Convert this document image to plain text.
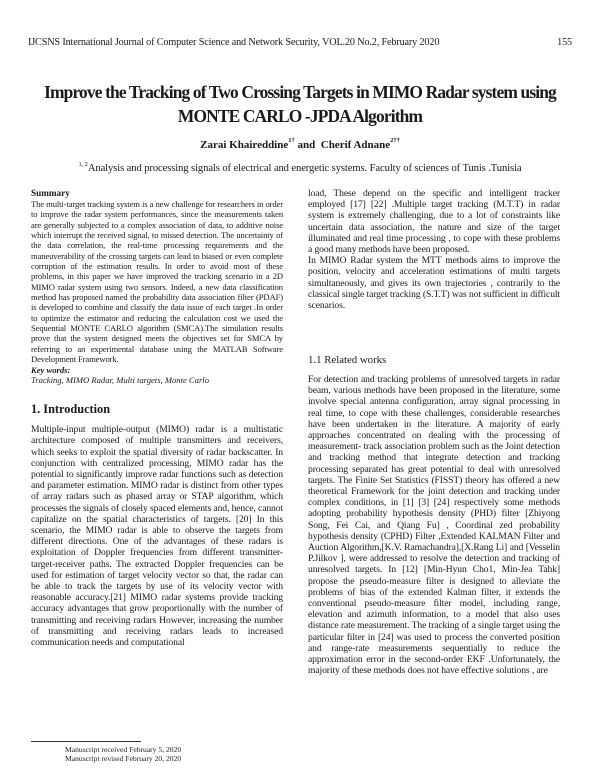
IJCSNS International Journal of Computer Science and Network Security, VOL.20 No.2, February 2020	155
Improve the Tracking of Two Crossing Targets in MIMO Radar system using MONTE CARLO -JPDA Algorithm
Zarai Khaireddine$^{1\dagger}$ and Cherif Adnane$^{2\dagger\dagger}$
$^{1, 2}$Analysis and processing signals of electrical and energetic systems. Faculty of sciences of Tunis .Tunisia
Summary

The multi-target tracking system is a new challenge for researchers in order to improve the radar system performances, since the measurements taken are generally subjected to a complex association of data, to additive noise which interrupt the received signal, to missed detection. The uncertainty of the data correlation, the real-time processing requirements and the maneuverability of the crossing targets can lead to biased or even complete corruption of the estimation results. In order to avoid most of these problems, in this paper we have improved the tracking scenario in a 2D MIMO radar system using two sensors. Indeed, a new data classification method has proposed named the probability data association filter (PDAF) is developed to combine and classify the data issue of each target .In order to optimize the estimator and reducing the calculation cost we used the Sequential MONTE CARLO algorithm (SMCA).The simulation results prove that the system designed meets the objectives set for SMCA by referring to an experimental database using the MATLAB Software Development Framework.

Key words:
Tracking, MIMO Radar, Multi targets, Monte Carlo
1. Introduction

Multiple-input multiple-output (MIMO) radar is a multistatic architecture composed of multiple transmitters and receivers, which seeks to exploit the spatial diversity of radar backscatter. In conjunction with centralized processing, MIMO radar has the potential to significantly improve radar functions such as detection and parameter estimation. MIMO radar is distinct from other types of array radars such as phased array or STAP algorithm, which processes the signals of closely spaced elements and, hence, cannot capitalize on the spatial characteristics of targets. [20] In this scenario, the MIMO radar is able to observe the targets from different directions. One of the advantages of these radars is exploitation of Doppler frequencies from different transmitter-target-receiver paths. The extracted Doppler frequencies can be used for estimation of target velocity vector so that, the radar can be able to track the targets by use of its velocity vector with reasonable accuracy.[21] MIMO radar systems provide tracking accuracy advantages that grow proportionally with the number of transmitting and receiving radars However, increasing the number of transmitting and receiving radars leads to increased communication needs and computational

load, These depend on the specific and intelligent tracker employed [17] [22] .Multiple target tracking (M.T.T) in radar system is extremely challenging, due to a lot of constraints like uncertain data association, the nature and size of the target illuminated and real time processing , to cope with these problems a good many methods have been proposed.

In MIMO Radar system the MTT methods aims to improve the position, velocity and acceleration estimations of multi targets simultaneously, and gives its own trajectories , contrarily to the classical single target tracking (S.T.T) was not sufficient in difficult scenarios.

1.1 Related works

For detection and tracking problems of unresolved targets in radar beam, various methods have been proposed in the literature, some involve special antenna configuration, array signal processing in real time, to cope with these challenges, considerable researches have been undertaken in the literature. A majority of early approaches concentrated on dealing with the processing of measurement- track association problem such as the Joint detection and tracking method that integrate detection and tracking processing separated has great potential to deal with unresolved targets. The Finite Set Statistics (FISST) theory has offered a new theoretical Framework for the joint detection and tracking under complex conditions, in [1] [3] [24] respectively some methods adopting probability hypothesis density (PHD) filter [Zhiyong Song, Fei Cai, and Qiang Fu] , Coordinal zed probability hypothesis density (CPHD) Filter ,Extended KALMAN Filter and Auction Algorithm,[K.V. Ramachandra],[X.Rang Li] and [Vesselin P.Jilkov ], were addressed to resolve the detection and tracking of unresolved targets. In [12] [Min-Hyun Cho1, Min-Jea Tahk] propose the pseudo-measure filter is designed to alleviate the problems of bias of the extended Kalman filter, it extends the conventional pseudo-measure filter model, including range, elevation and azimuth information, to a model that also uses distance rate measurement. The tracking of a single target using the particular filter in [24] was used to process the converted position and range-rate measurements sequentially to reduce the approximation error in the second-order EKF .Unfortunately, the majority of these methods does not have effective solutions , are

Manuscript received February 5, 2020
Manuscript revised February 20, 2020
